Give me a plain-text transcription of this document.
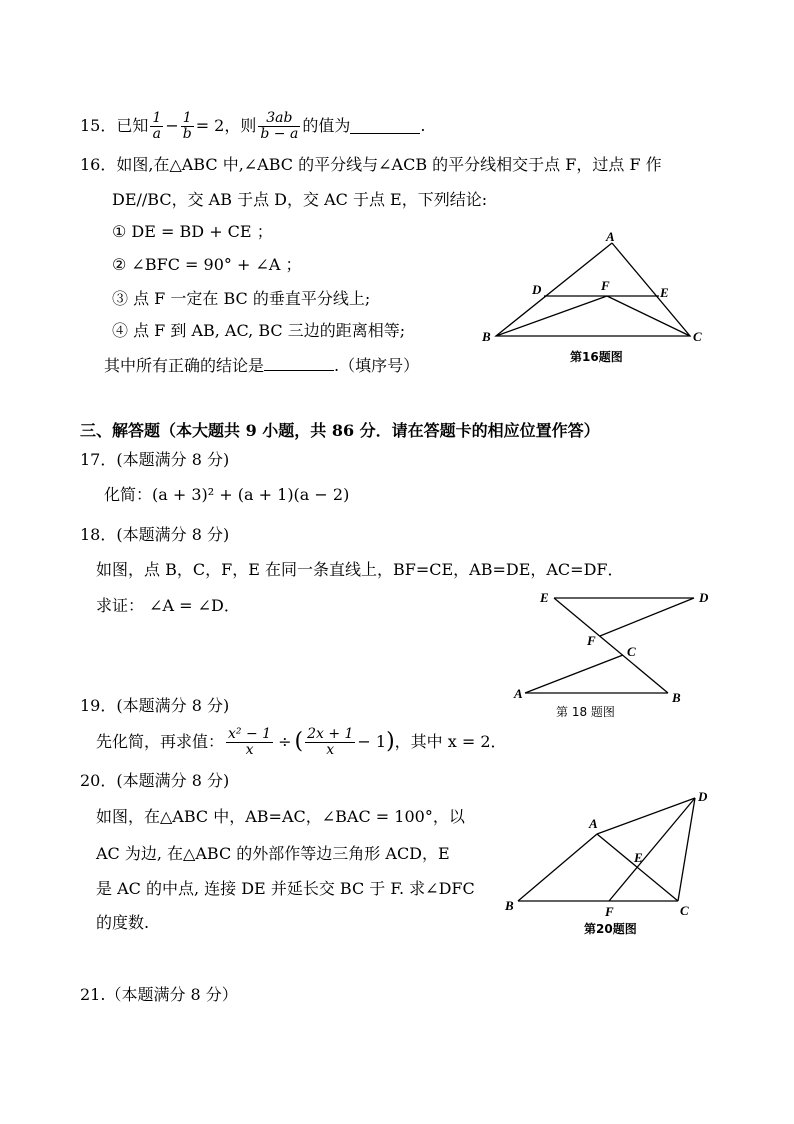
15． 已知 $\frac{1}{a} - \frac{1}{b} = 2$，则 $\frac{3ab}{b - a}$ 的值为	.
16．如图,在△ABC 中,∠ABC 的平分线与∠ACB 的平分线相交于点 F，过点 F 作
DE//BC，交 AB 于点 D，交 AC 于点 E，下列结论:
① DE = BD + CE ；
② ∠BFC = 90° + ∠A ；
③ 点 F 一定在 BC 的垂直平分线上;
④ 点 F 到 AB, AC, BC 三边的距离相等;
其中所有正确的结论是	.（填序号）
A
B	C
D	E
F
第16题图
三、解答题（本大题共 9 小题，共 86 分．请在答题卡的相应位置作答）
17．(本题满分 8 分)
化简：(a + 3)² + (a + 1)(a − 2)
18．(本题满分 8 分)
如图，点 B，C，F，E 在同一条直线上，BF=CE，AB=DE，AC=DF．
求证： ∠A = ∠D．	E	D
F
C
A	B
第 18 题图
19．(本题满分 8 分)
先化简，再求值： $\frac{\text{x² − 1}}{x}$ ÷ ( $\frac{2x + 1}{x} - 1$ ) ，其中 x = 2．
20．(本题满分 8 分)
如图，在△ABC 中，AB=AC，∠BAC = 100°，以
AC 为边, 在△ABC 的外部作等边三角形 ACD，E
是 AC 的中点, 连接 DE 并延长交 BC 于 F. 求∠DFC
的度数.
A
D
E
B	F	C
第20题图
21.（本题满分 8 分）
